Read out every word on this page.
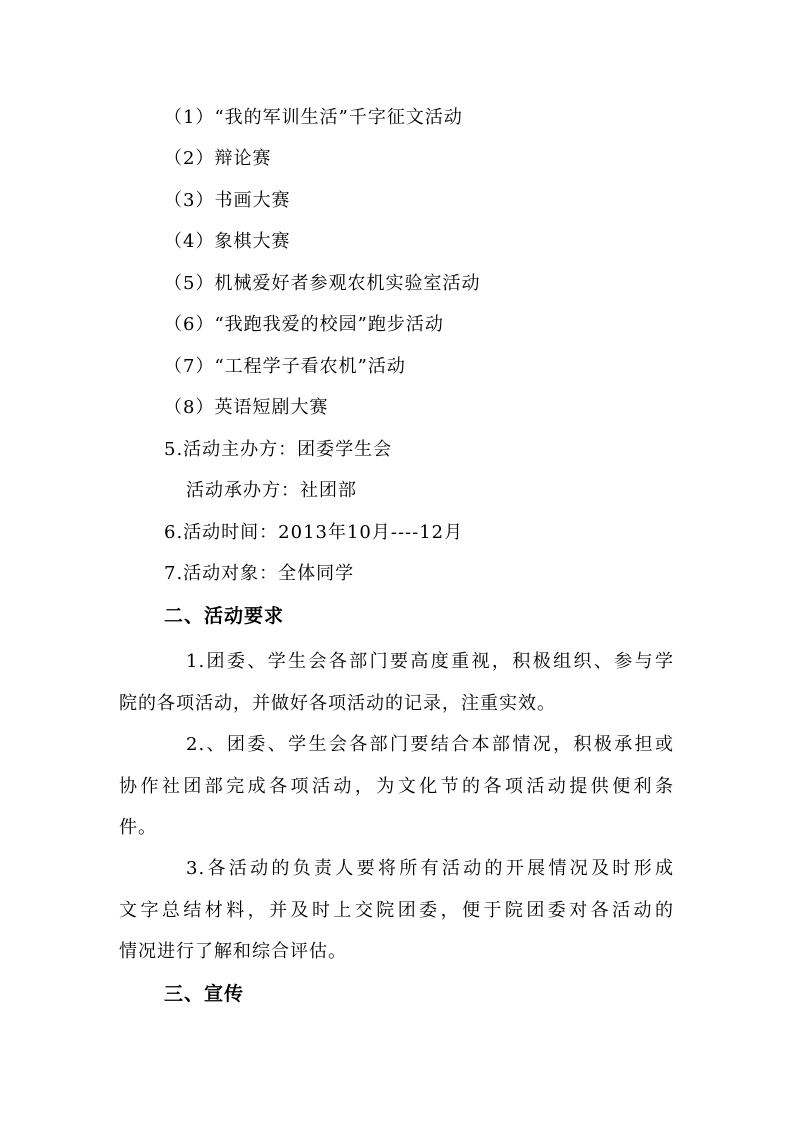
（1）“我的军训生活”千字征文活动
（2）辩论赛
（3）书画大赛
（4）象棋大赛
（5）机械爱好者参观农机实验室活动
（6）“我跑我爱的校园”跑步活动
（7）“工程学子看农机”活动
（8）英语短剧大赛
5.活动主办方：团委学生会
活动承办方：社团部
6.活动时间：2013年10月----12月
7.活动对象：全体同学
二、活动要求
1.团委、学生会各部门要高度重视，积极组织、参与学
院的各项活动，并做好各项活动的记录，注重实效。
2.、团委、学生会各部门要结合本部情况，积极承担或
协作社团部完成各项活动，为文化节的各项活动提供便利条
件。
3.各活动的负责人要将所有活动的开展情况及时形成
文字总结材料，并及时上交院团委，便于院团委对各活动的
情况进行了解和综合评估。
三、宣传
